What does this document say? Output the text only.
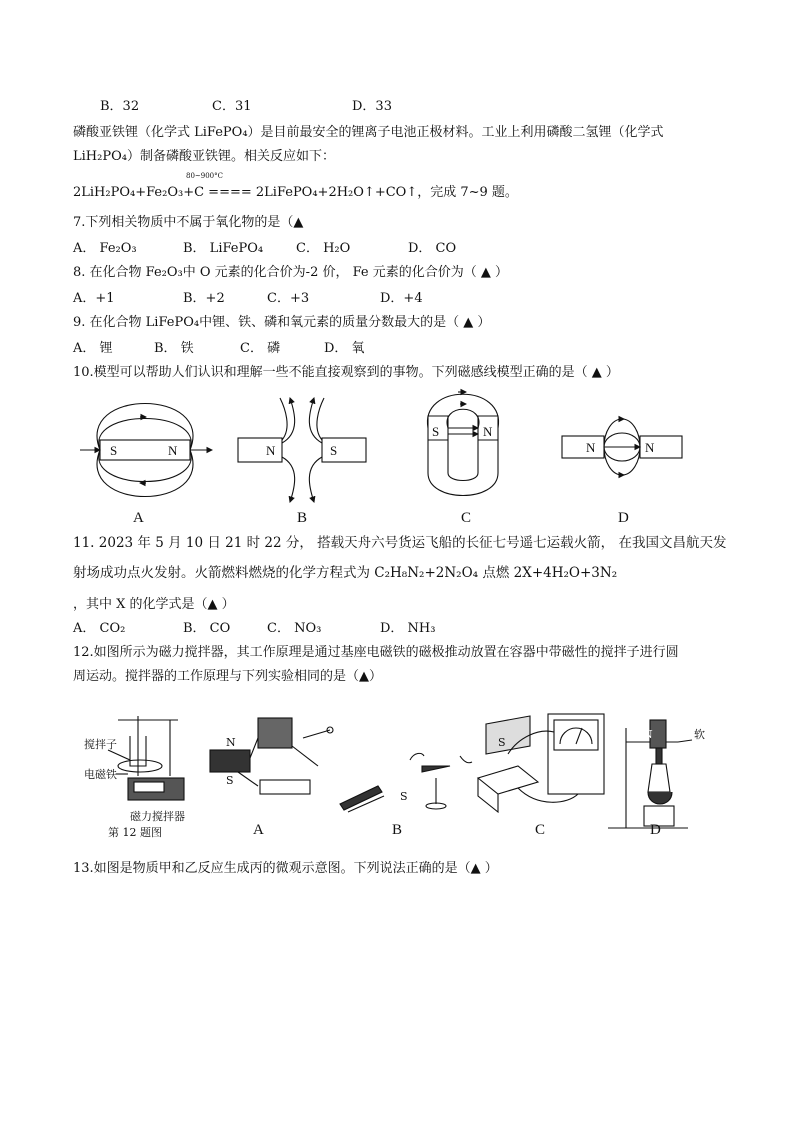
B．32	C．31	D．33
磷酸亚铁锂（化学式 LiFePO₄）是目前最安全的锂离子电池正极材料。工业上利用磷酸二氢锂（化学式
LiH₂PO₄）制备磷酸亚铁锂。相关反应如下：
80~900°C
2LiH₂PO₄+Fe₂O₃+C ==== 2LiFePO₄+2H₂O↑+CO↑，完成 7~9 题。
7.下列相关物质中不属于氧化物的是（▲
A． Fe₂O₃	B． LiFePO₄	C． H₂O	D． CO
8. 在化合物 Fe₂O₃中 O 元素的化合价为-2 价， Fe 元素的化合价为（ ▲ ）
A．+1	B．+2	C．+3	D．+4
9. 在化合物 LiFePO₄中锂、铁、磷和氧元素的质量分数最大的是（ ▲ ）
A． 锂	B． 铁	C． 磷	D． 氧
10.模型可以帮助人们认识和理解一些不能直接观察到的事物。下列磁感线模型正确的是（ ▲ ）
S	N	N	S
S	N
N	N
A	B	C	D
11. 2023 年 5 月 10 日 21 时 22 分， 搭载天舟六号货运飞船的长征七号遥七运载火箭， 在我国文昌航天发
射场成功点火发射。火箭燃料燃烧的化学方程式为 C₂H₈N₂+2N₂O₄ 点燃 2X+4H₂O+3N₂
，其中 X 的化学式是（▲ ）
A． CO₂	B． CO	C． NO₃	D． NH₃
12.如图所示为磁力搅拌器，其工作原理是通过基座电磁铁的磁极推动放置在容器中带磁性的搅拌子进行圆
周运动。搅拌器的工作原理与下列实验相同的是（▲）
搅拌子
电磁铁
磁力搅拌器
第 12 题图
N
S
S
S
N	软
A	B	C	D
13.如图是物质甲和乙反应生成丙的微观示意图。下列说法正确的是（▲ ）
